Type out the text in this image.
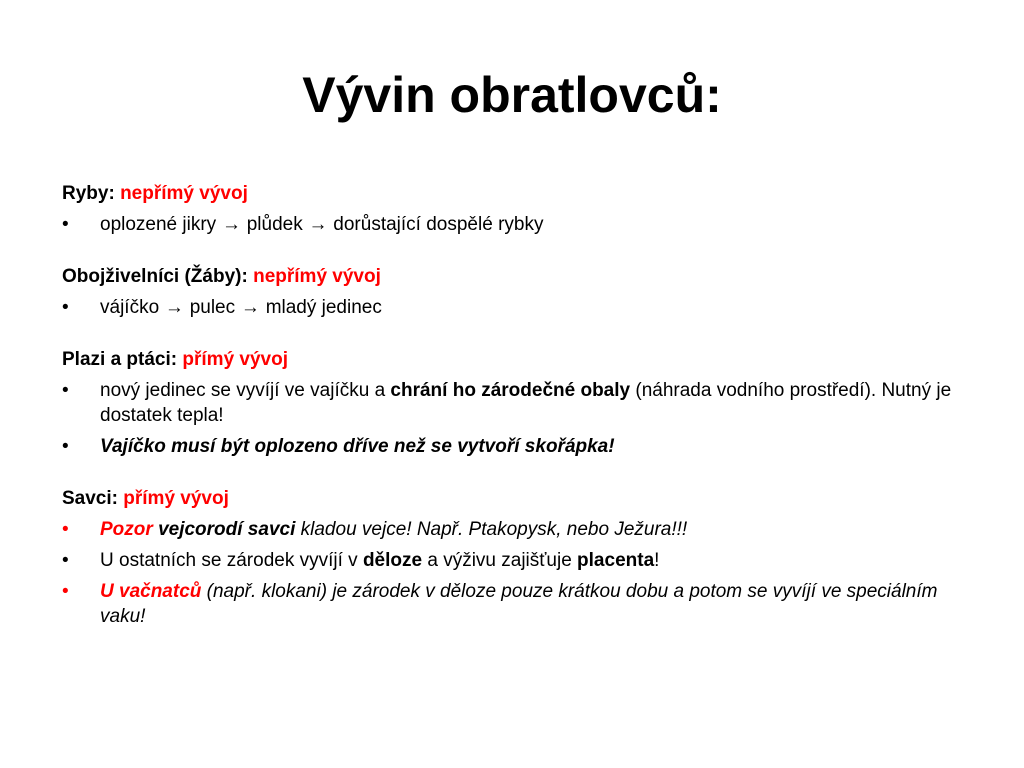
Vývin obratlovců:
Ryby: nepřímý vývoj
•	oplozené jikry → plůdek → dorůstající dospělé rybky
Obojživelníci (Žáby): nepřímý vývoj
•	vájíčko → pulec → mladý jedinec
Plazi a ptáci: přímý vývoj
•	nový jedinec se vyvíjí ve vajíčku a chrání ho zárodečné obaly (náhrada vodního prostředí). Nutný je dostatek tepla!
•	Vajíčko musí být oplozeno dříve než se vytvoří skořápka!
Savci: přímý vývoj
•	Pozor vejcorodí savci kladou vejce! Např. Ptakopysk, nebo Ježura!!!
•	U ostatních se zárodek vyvíjí v děloze a výživu zajišťuje placenta!
•	U vačnatců (např. klokani) je zárodek v děloze pouze krátkou dobu a potom se vyvíjí ve speciálním vaku!
